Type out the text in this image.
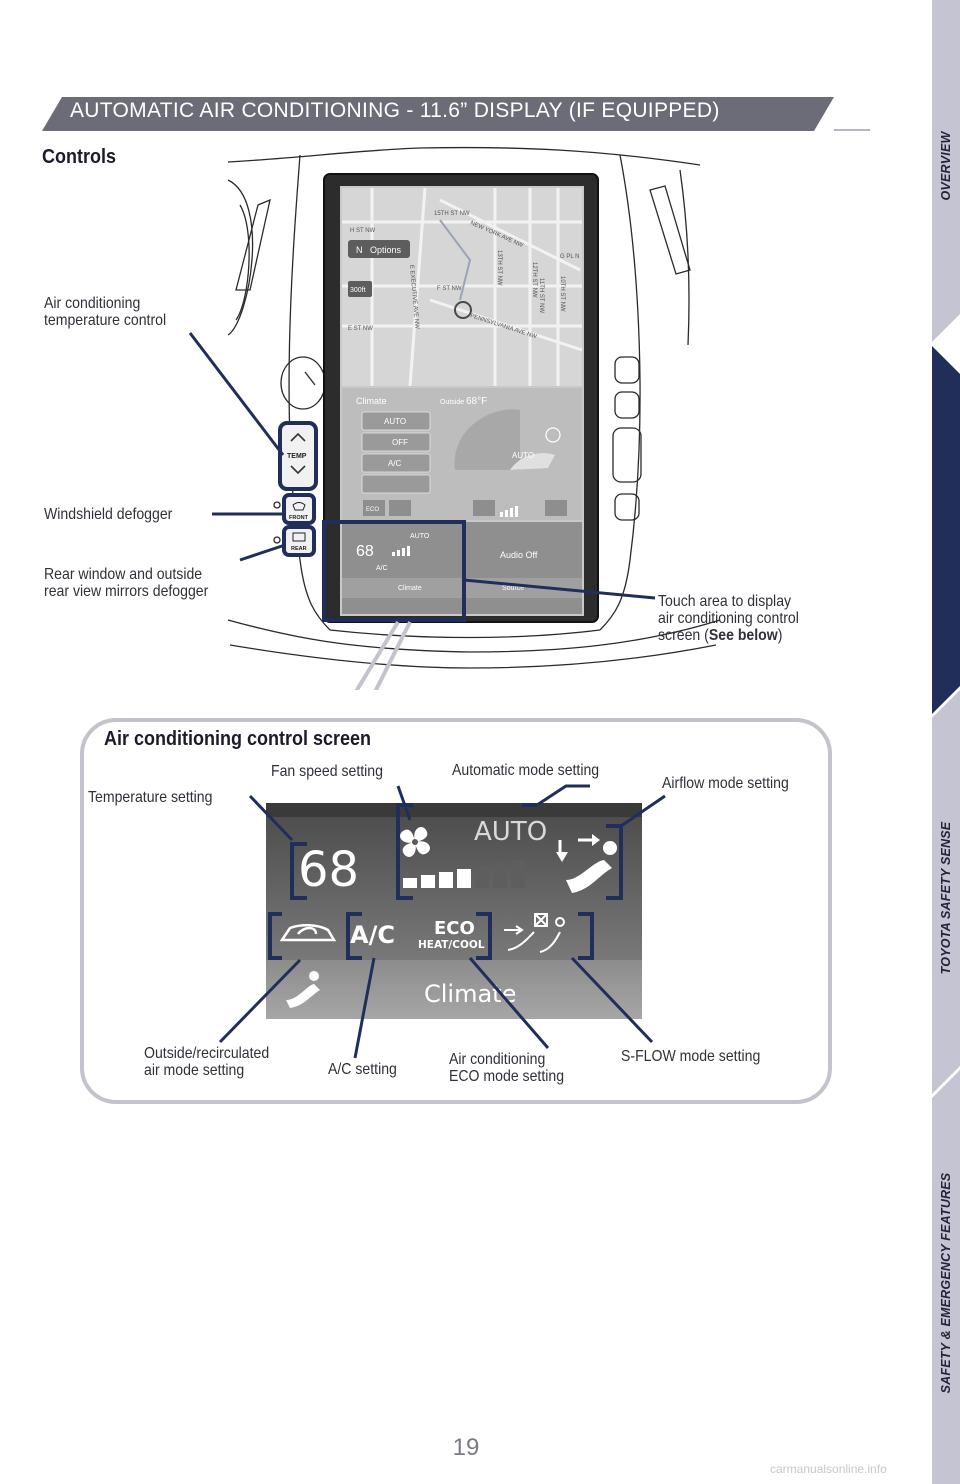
AUTOMATIC AIR CONDITIONING - 11.6” DISPLAY (IF EQUIPPED)
Controls
Options
N
300ft
H ST NW
G PL N
F ST NW
E ST NW	PENNSYLVANIA AVE NW
NEW YORK AVE NW
13TH ST NW	12TH ST NW 11TH ST NW	10TH ST NW
E EXECUTIVE AVE NW
15TH ST NW
Climate	Outside 68°F
AUTO
OFF
A/C
AUTO
ECO
68
AUTO
A/C
Audio Off
Climate	Source
TEMP
FRONT
REAR
Air conditioning
temperature control
Windshield defogger
Rear window and outside
rear view mirrors defogger
Touch area to display
air conditioning control
screen (See below)
Air conditioning control screen
68
AUTO
A/C ECO
HEAT/COOL
Climate
Temperature setting
Fan speed setting	Automatic mode setting
Airflow mode setting
Outside/recirculated
air mode setting	A/C setting
Air conditioning
ECO mode setting
S-FLOW mode setting
OVERVIEW
FEATURES & OPERATIONS
TOYOTA SAFETY SENSE
SAFETY & EMERGENCY FEATURES
19
carmanualsonline.info
